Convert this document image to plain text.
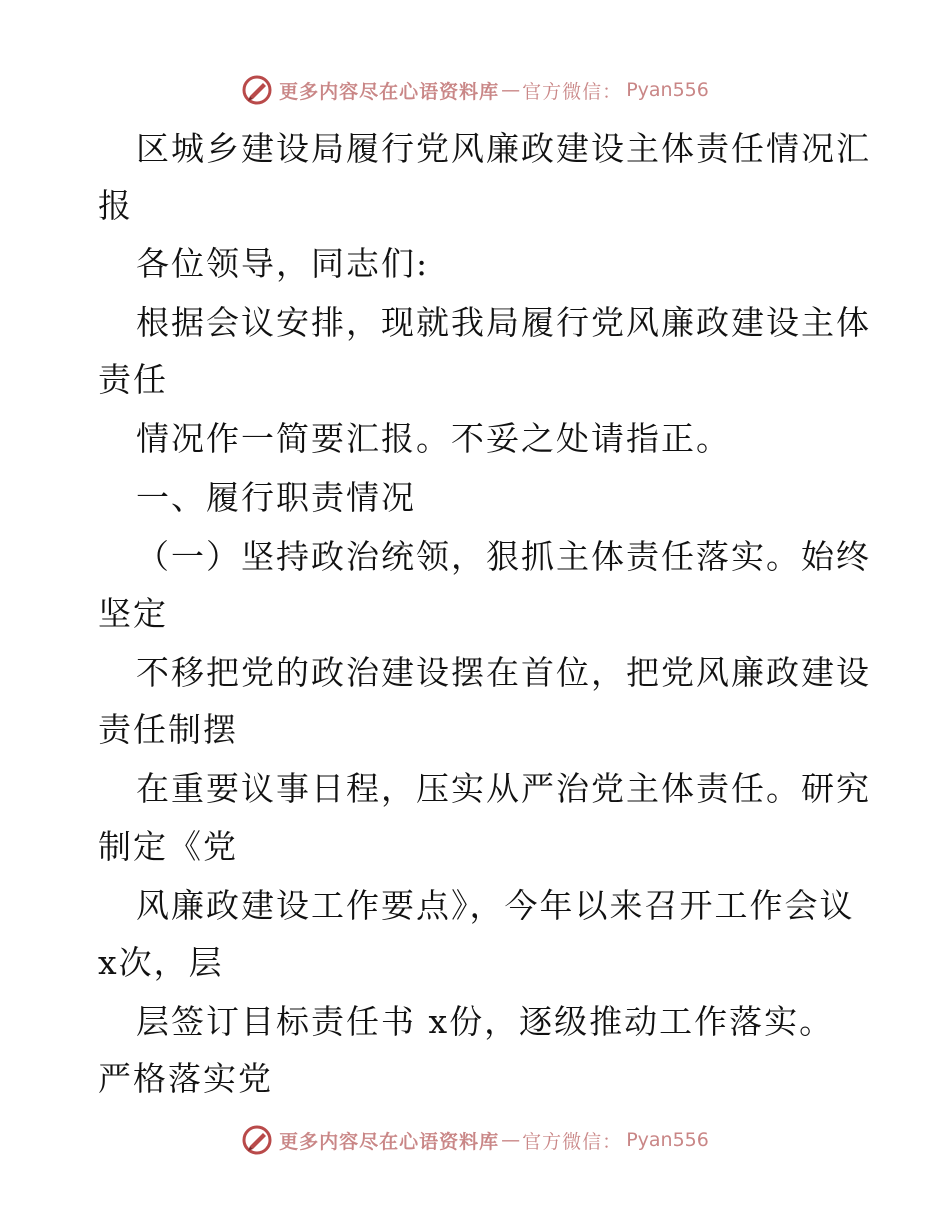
更多内容尽在心语资料库 — 官方微信： Pyan556
区城乡建设局履行党风廉政建设主体责任情况汇
报
各位领导，同志们:
根据会议安排，现就我局履行党风廉政建设主体
责任
情况作一简要汇报。不妥之处请指正。
一、履行职责情况
（一）坚持政治统领，狠抓主体责任落实。始终
坚定
不移把党的政治建设摆在首位，把党风廉政建设
责任制摆
在重要议事日程，压实从严治党主体责任。研究
制定《党
风廉政建设工作要点》，今年以来召开工作会议
x次，层
层签订目标责任书 x份，逐级推动工作落实。
严格落实党
更多内容尽在心语资料库 — 官方微信： Pyan556
